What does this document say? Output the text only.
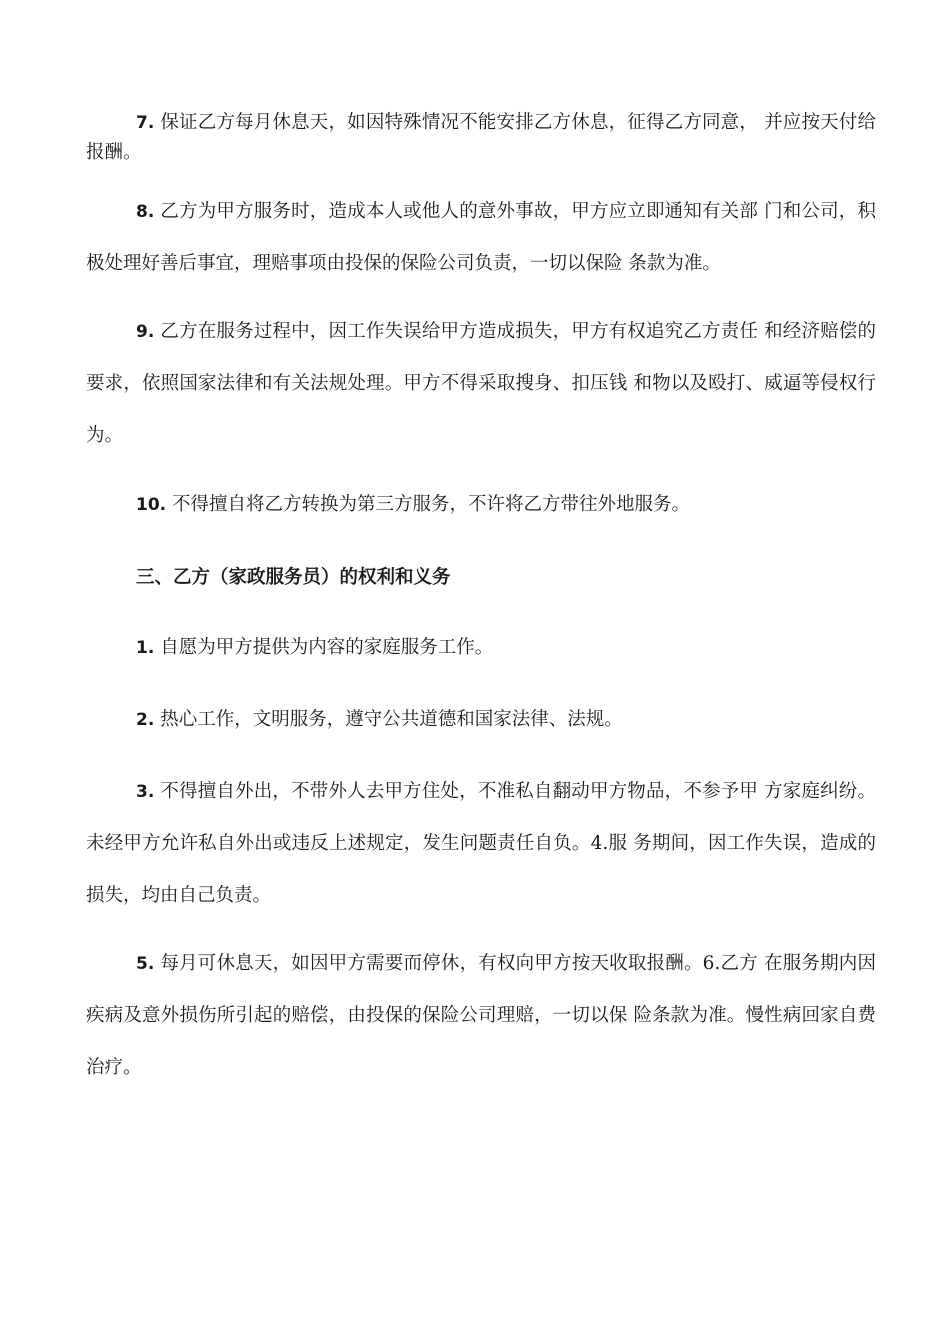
7. 保证乙方每月休息天，如因特殊情况不能安排乙方休息，征得乙方同意， 并应按天付给报酬。

8. 乙方为甲方服务时，造成本人或他人的意外事故，甲方应立即通知有关部 门和公司，积极处理好善后事宜，理赔事项由投保的保险公司负责，一切以保险 条款为准。

9. 乙方在服务过程中，因工作失误给甲方造成损失，甲方有权追究乙方责任 和经济赔偿的要求，依照国家法律和有关法规处理。甲方不得采取搜身、扣压钱 和物以及殴打、威逼等侵权行为。

10. 不得擅自将乙方转换为第三方服务，不许将乙方带往外地服务。

三、乙方（家政服务员）的权利和义务

1. 自愿为甲方提供为内容的家庭服务工作。

2. 热心工作，文明服务，遵守公共道德和国家法律、法规。

3. 不得擅自外出，不带外人去甲方住处，不准私自翻动甲方物品，不参予甲 方家庭纠纷。未经甲方允许私自外出或违反上述规定，发生问题责任自负。4.服 务期间，因工作失误，造成的损失，均由自己负责。

5. 每月可休息天，如因甲方需要而停休，有权向甲方按天收取报酬。6.乙方 在服务期内因疾病及意外损伤所引起的赔偿，由投保的保险公司理赔，一切以保 险条款为准。慢性病回家自费治疗。
